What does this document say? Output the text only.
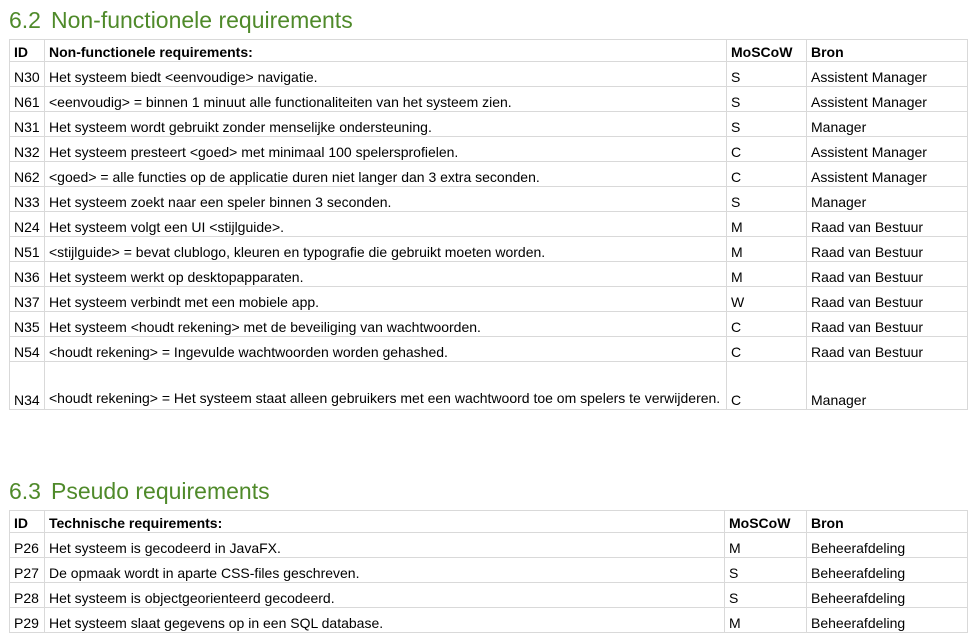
6.2 Non-functionele requirements
ID	Non-functionele requirements:	MoSCoW	Bron
N30	Het systeem biedt <eenvoudige> navigatie.	S	Assistent Manager
N61	<eenvoudig> = binnen 1 minuut alle functionaliteiten van het systeem zien.	S	Assistent Manager
N31	Het systeem wordt gebruikt zonder menselijke ondersteuning.	S	Manager
N32	Het systeem presteert <goed> met minimaal 100 spelersprofielen.	C	Assistent Manager
N62	<goed> = alle functies op de applicatie duren niet langer dan 3 extra seconden.	C	Assistent Manager
N33	Het systeem zoekt naar een speler binnen 3 seconden.	S	Manager
N24	Het systeem volgt een UI <stijlguide>.	M	Raad van Bestuur
N51	<stijlguide> = bevat clublogo, kleuren en typografie die gebruikt moeten worden.	M	Raad van Bestuur
N36	Het systeem werkt op desktopapparaten.	M	Raad van Bestuur
N37	Het systeem verbindt met een mobiele app.	W	Raad van Bestuur
N35	Het systeem <houdt rekening> met de beveiliging van wachtwoorden.	C	Raad van Bestuur
N54	<houdt rekening> = Ingevulde wachtwoorden worden gehashed.	C	Raad van Bestuur
N34	<houdt rekening> = Het systeem staat alleen gebruikers met een wachtwoord toe om spelers te verwijderen.	C	Manager
6.3 Pseudo requirements
ID	Technische requirements:	MoSCoW	Bron
P26	Het systeem is gecodeerd in JavaFX.	M	Beheerafdeling
P27	De opmaak wordt in aparte CSS-files geschreven.	S	Beheerafdeling
P28	Het systeem is objectgeorienteerd gecodeerd.	S	Beheerafdeling
P29	Het systeem slaat gegevens op in een SQL database.	M	Beheerafdeling
